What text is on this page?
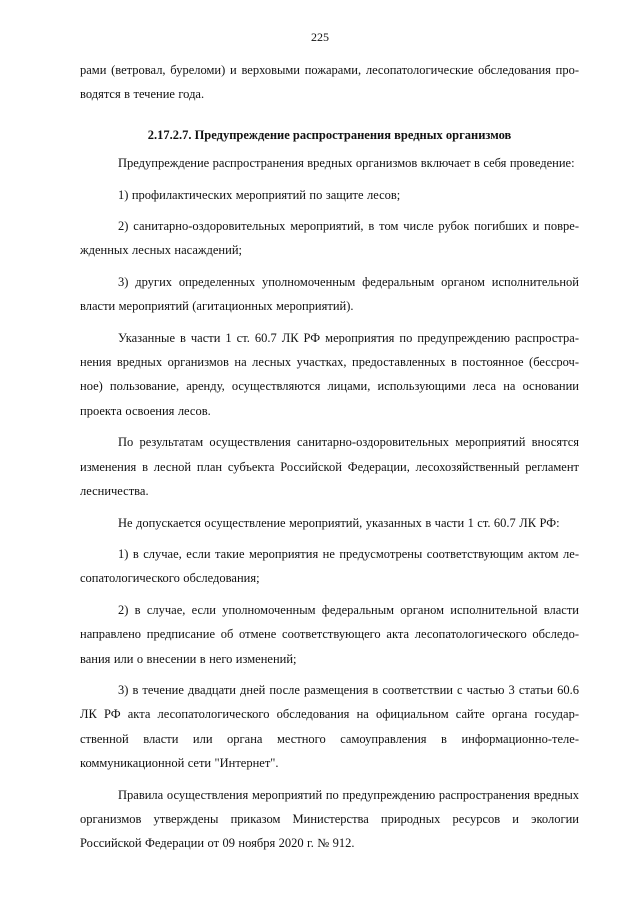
225

рами (ветровал, буреломи) и верховыми пожарами, лесопатологические обследования проводятся в течение года.

2.17.2.7. Предупреждение распространения вредных организмов

Предупреждение распространения вредных организмов включает в себя проведение:

1) профилактических мероприятий по защите лесов;

2) санитарно-оздоровительных мероприятий, в том числе рубок погибших и поврежденных лесных насаждений;

3) других определенных уполномоченным федеральным органом исполнительной власти мероприятий (агитационных мероприятий).

Указанные в части 1 ст. 60.7 ЛК РФ мероприятия по предупреждению распространения вредных организмов на лесных участках, предоставленных в постоянное (бессрочное) пользование, аренду, осуществляются лицами, использующими леса на основании проекта освоения лесов.

По результатам осуществления санитарно-оздоровительных мероприятий вносятся изменения в лесной план субъекта Российской Федерации, лесохозяйственный регламент лесничества.

Не допускается осуществление мероприятий, указанных в части 1 ст. 60.7 ЛК РФ:

1) в случае, если такие мероприятия не предусмотрены соответствующим актом лесопатологического обследования;

2) в случае, если уполномоченным федеральным органом исполнительной власти направлено предписание об отмене соответствующего акта лесопатологического обследования или о внесении в него изменений;

3) в течение двадцати дней после размещения в соответствии с частью 3 статьи 60.6 ЛК РФ акта лесопатологического обследования на официальном сайте органа государственной власти или органа местного самоуправления в информационно-телекоммуникационной сети "Интернет".

Правила осуществления мероприятий по предупреждению распространения вредных организмов утверждены приказом Министерства природных ресурсов и экологии Российской Федерации от 09 ноября 2020 г. № 912.
